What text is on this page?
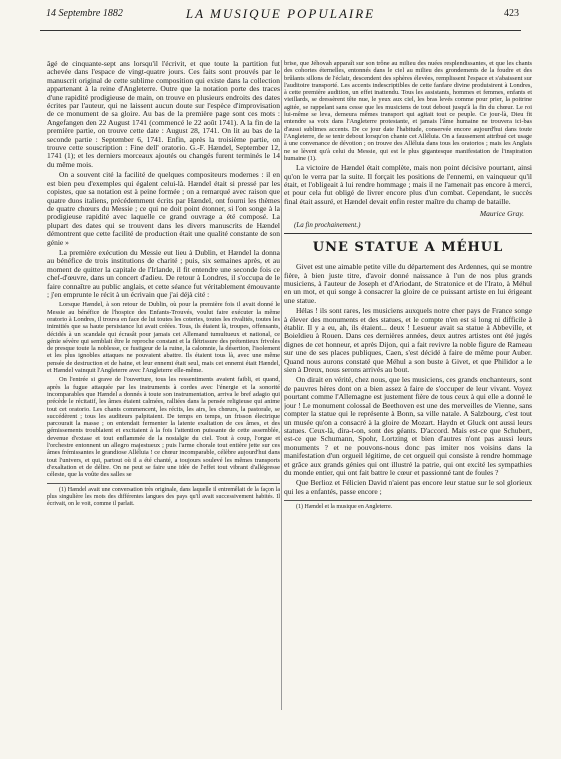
14 Septembre 1882	LA MUSIQUE POPULAIRE	423

âgé de cinquante-sept ans lorsqu'il l'écrivit, et que toute la partition fut achevée dans l'espace de vingt-quatre jours. Ces faits sont prouvés par le manuscrit original de cette sublime composition qui existe dans la collection appartenant à la reine d'Angleterre. Outre que la notation porte des traces d'une rapidité prodigieuse de main, on trouve en plusieurs endroits des dates écrites par l'auteur, qui ne laissent aucun doute sur l'espèce d'improvisation de ce monument de sa gloire. Au bas de la première page sont ces mots : Angefangen den 22 August 1741 (commencé le 22 août 1741). A la fin de la première partie, on trouve cette date : August 28, 1741. On lit au bas de la seconde partie : September 6, 1741. Enfin, après la troisième partie, on trouve cette souscription : Fine dell' oratorio. G.-F. Hændel, September 12, 1741 (1); et les derniers morceaux ajoutés ou changés furent terminés le 14 du même mois.

On a souvent cité la facilité de quelques compositeurs modernes : il en est bien peu d'exemples qui égalent celui-là. Hændel était si pressé par les copistes, que sa notation est à peine formée ; on a remarqué avec raison que quatre duos italiens, précédemment écrits par Hændel, ont fourni les thèmes de quatre chœurs du Messie ; ce qui ne doit point étonner, si l'on songe à la prodigieuse rapidité avec laquelle ce grand ouvrage a été composé. La plupart des dates qui se trouvent dans les divers manuscrits de Hændel démontrent que cette facilité de production était une qualité constante de son génie »

La première exécution du Messie eut lieu à Dublin, et Hændel la donna au bénéfice de trois institutions de charité ; puis, six semaines après, et au moment de quitter la capitale de l'Irlande, il fit entendre une seconde fois ce chef-d'œuvre, dans un concert d'adieu. De retour à Londres, il s'occupa de le faire connaître au public anglais, et cette séance fut véritablement émouvante ; j'en emprunte le récit à un écrivain que j'ai déjà cité :

Lorsque Hændel, à son retour de Dublin, où pour la première fois il avait donné le Messie au bénéfice de l'hospice des Enfants-Trouvés, voulut faire exécuter la même oratorio à Londres, il trouva en face de lui toutes les coteries, toutes les rivalités, toutes les inimitiés que sa haute persistance lui avait créées. Tous, ils étaient là, troupes, offensants, décidés à un scandale qui écrasât pour jamais cet Allemand tumultueux et national, ce génie sévère qui semblait être le reproche constant et la flétrissure des prétentieux frivoles de presque toute la noblesse, ce fustigeur de la ruine, la calomnie, la désertion, l'isolement et les plus ignobles attaques ne pouvaient abattre. Ils étaient tous là, avec une même pensée de destruction et de haine, et leur ennemi était seul, mais cet ennemi était Hændel, et Hændel vainquit l'Angleterre avec l'Angleterre elle-même.

On l'entrée si grave de l'ouverture, tous les ressentiments avaient faibli, et quand, après la fugue attaquée par les instruments à cordes avec l'énergie et la sonorité incomparables que Hændel a donnés à toute son instrumentation, arriva le bref adagio qui précède le récitatif, les âmes étaient calmées, ralliées dans la pensée religieuse qui anime tout cet oratorio. Les chants commencent, les récits, les airs, les chœurs, la pastorale, se succédèrent ; tous les auditeurs palpitaient. De temps en temps, un frisson électrique parcourait la masse ; on entendait fermenter la latente exaltation de ces âmes, et des gémissements troublaient et excitaient à la fois l'attention puissante de cette assemblée, devenue d'extase et tout enflammée de la nostalgie du ciel. Tout à coup, l'orgue et l'orchestre entonnent un allegro majestueux ; puis l'arme chorale tout entière jette sur ces âmes frémissantes le grandiose Alléluia ! ce chœur incomparable, célèbre aujourd'hui dans tout l'univers, et qui, partout où il a été chanté, a toujours soulevé les mêmes transports d'exaltation et de délire. On ne peut se faire une idée de l'effet tout vibrant d'allégresse céleste, que la voûte des salles se

(1) Hændel avait une conversation très originale, dans laquelle il entremêlait de la façon la plus singulière les mots des différentes langues des pays qu'il avait successivement habités. Il écrivait, on le voit, comme il parlait.

brise, que Jéhovah apparaît sur son trône au milieu des nuées resplendissantes, et que les chants des cohortes éternelles, entonnés dans le ciel au milieu des grondements de la foudre et des brûlants sillons de l'éclair, descendent des sphères élevées, remplissent l'espace et s'abaissent sur l'auditoire transporté. Les accents indescriptibles de cette fanfare divine produisirent à Londres, à cette première audition, un effet inattendu. Tous les assistants, hommes et femmes, enfants et vieillards, se dressèrent tête nue, le yeux aux ciel, les bras levés comme pour prier, la poitrine agitée, se rappelant sans cesse que les musiciens de tout debout jusqu'à la fin du chœur. Le roi lui-même se leva, demeura mêmes transport qui agitait tout ce peuple. Ce jour-là, Dieu fit entendre sa voix dans l'Angleterre protestante, et jamais l'âme humaine ne trouvera ici-bas d'aussi sublimes accents. De ce jour date l'habitude, conservée encore aujourd'hui dans toute l'Angleterre, de se tenir debout lorsqu'on chante cet Alléluia. On a faussement attribué cet usage à une convenance de dévotion ; on trouve des Alléluia dans tous les oratorios ; mais les Anglais ne se lèvent qu'à celui du Messie, qui est le plus gigantesque manifestation de l'inspiration humaine (1).

La victoire de Hændel était complète, mais non point décisive pourtant, ainsi qu'on le verra par la suite. Il forçait les positions de l'ennemi, en vainqueur qu'il était, et l'obligeait à lui rendre hommage ; mais il ne l'amenait pas encore à merci, et pour cela fut obligé de livrer encore plus d'un combat. Cependant, le succès final était assuré, et Hændel devait enfin rester maître du champ de bataille.

Maurice Gray.

(La fin prochainement.)

UNE STATUE A MÉHUL

Givet est une aimable petite ville du département des Ardennes, qui se montre fière, à bien juste titre, d'avoir donné naissance à l'un de nos plus grands musiciens, à l'auteur de Joseph et d'Ariodant, de Stratonice et de l'Irato, à Méhul en un mot, et qui songe à consacrer la gloire de ce puissant artiste en lui érigeant une statue.

Hélas ! ils sont rares, les musiciens auxquels notre cher pays de France songe à élever des monuments et des statues, et le compte n'en est si long ni difficile à établir. Il y a eu, ah, ils étaient... deux ! Lesueur avait sa statue à Abbeville, et Boieldieu à Rouen. Dans ces dernières années, deux autres artistes ont été jugés dignes de cet honneur, et après Dijon, qui a fait revivre la noble figure de Rameau sur une de ses places publiques, Caen, s'est décidé à faire de même pour Auber. Quand nous aurons constaté que Méhul a son buste à Givet, et que Philidor a le sien à Dreux, nous serons arrivés au bout.

On dirait en vérité, chez nous, que les musiciens, ces grands enchanteurs, sont de pauvres hères dont on a bien assez à faire de s'occuper de leur vivant. Voyez pourtant comme l'Allemagne est justement fière de tous ceux à qui elle a donné le jour ! Le monument colossal de Beethoven est une des merveilles de Vienne, sans compter la statue qui le représente à Bonn, sa ville natale. A Salzbourg, c'est tout un musée qu'on a consacré à la gloire de Mozart. Haydn et Gluck ont aussi leurs statues. Ceux-là, dira-t-on, sont des géants. D'accord. Mais est-ce que Schubert, est-ce que Schumann, Spohr, Lortzing et bien d'autres n'ont pas aussi leurs monuments ? et ne pouvons-nous donc pas imiter nos voisins dans la manifestation d'un orgueil légitime, de cet orgueil qui consiste à rendre hommage et grâce aux grands génies qui ont illustré la patrie, qui ont excité les sympathies du monde entier, qui ont fait battre le cœur et passionné tant de foules ?

Que Berlioz et Félicien David n'aient pas encore leur statue sur le sol glorieux qui les a enfantés, passe encore ;

(1) Hændel et la musique en Angleterre.
